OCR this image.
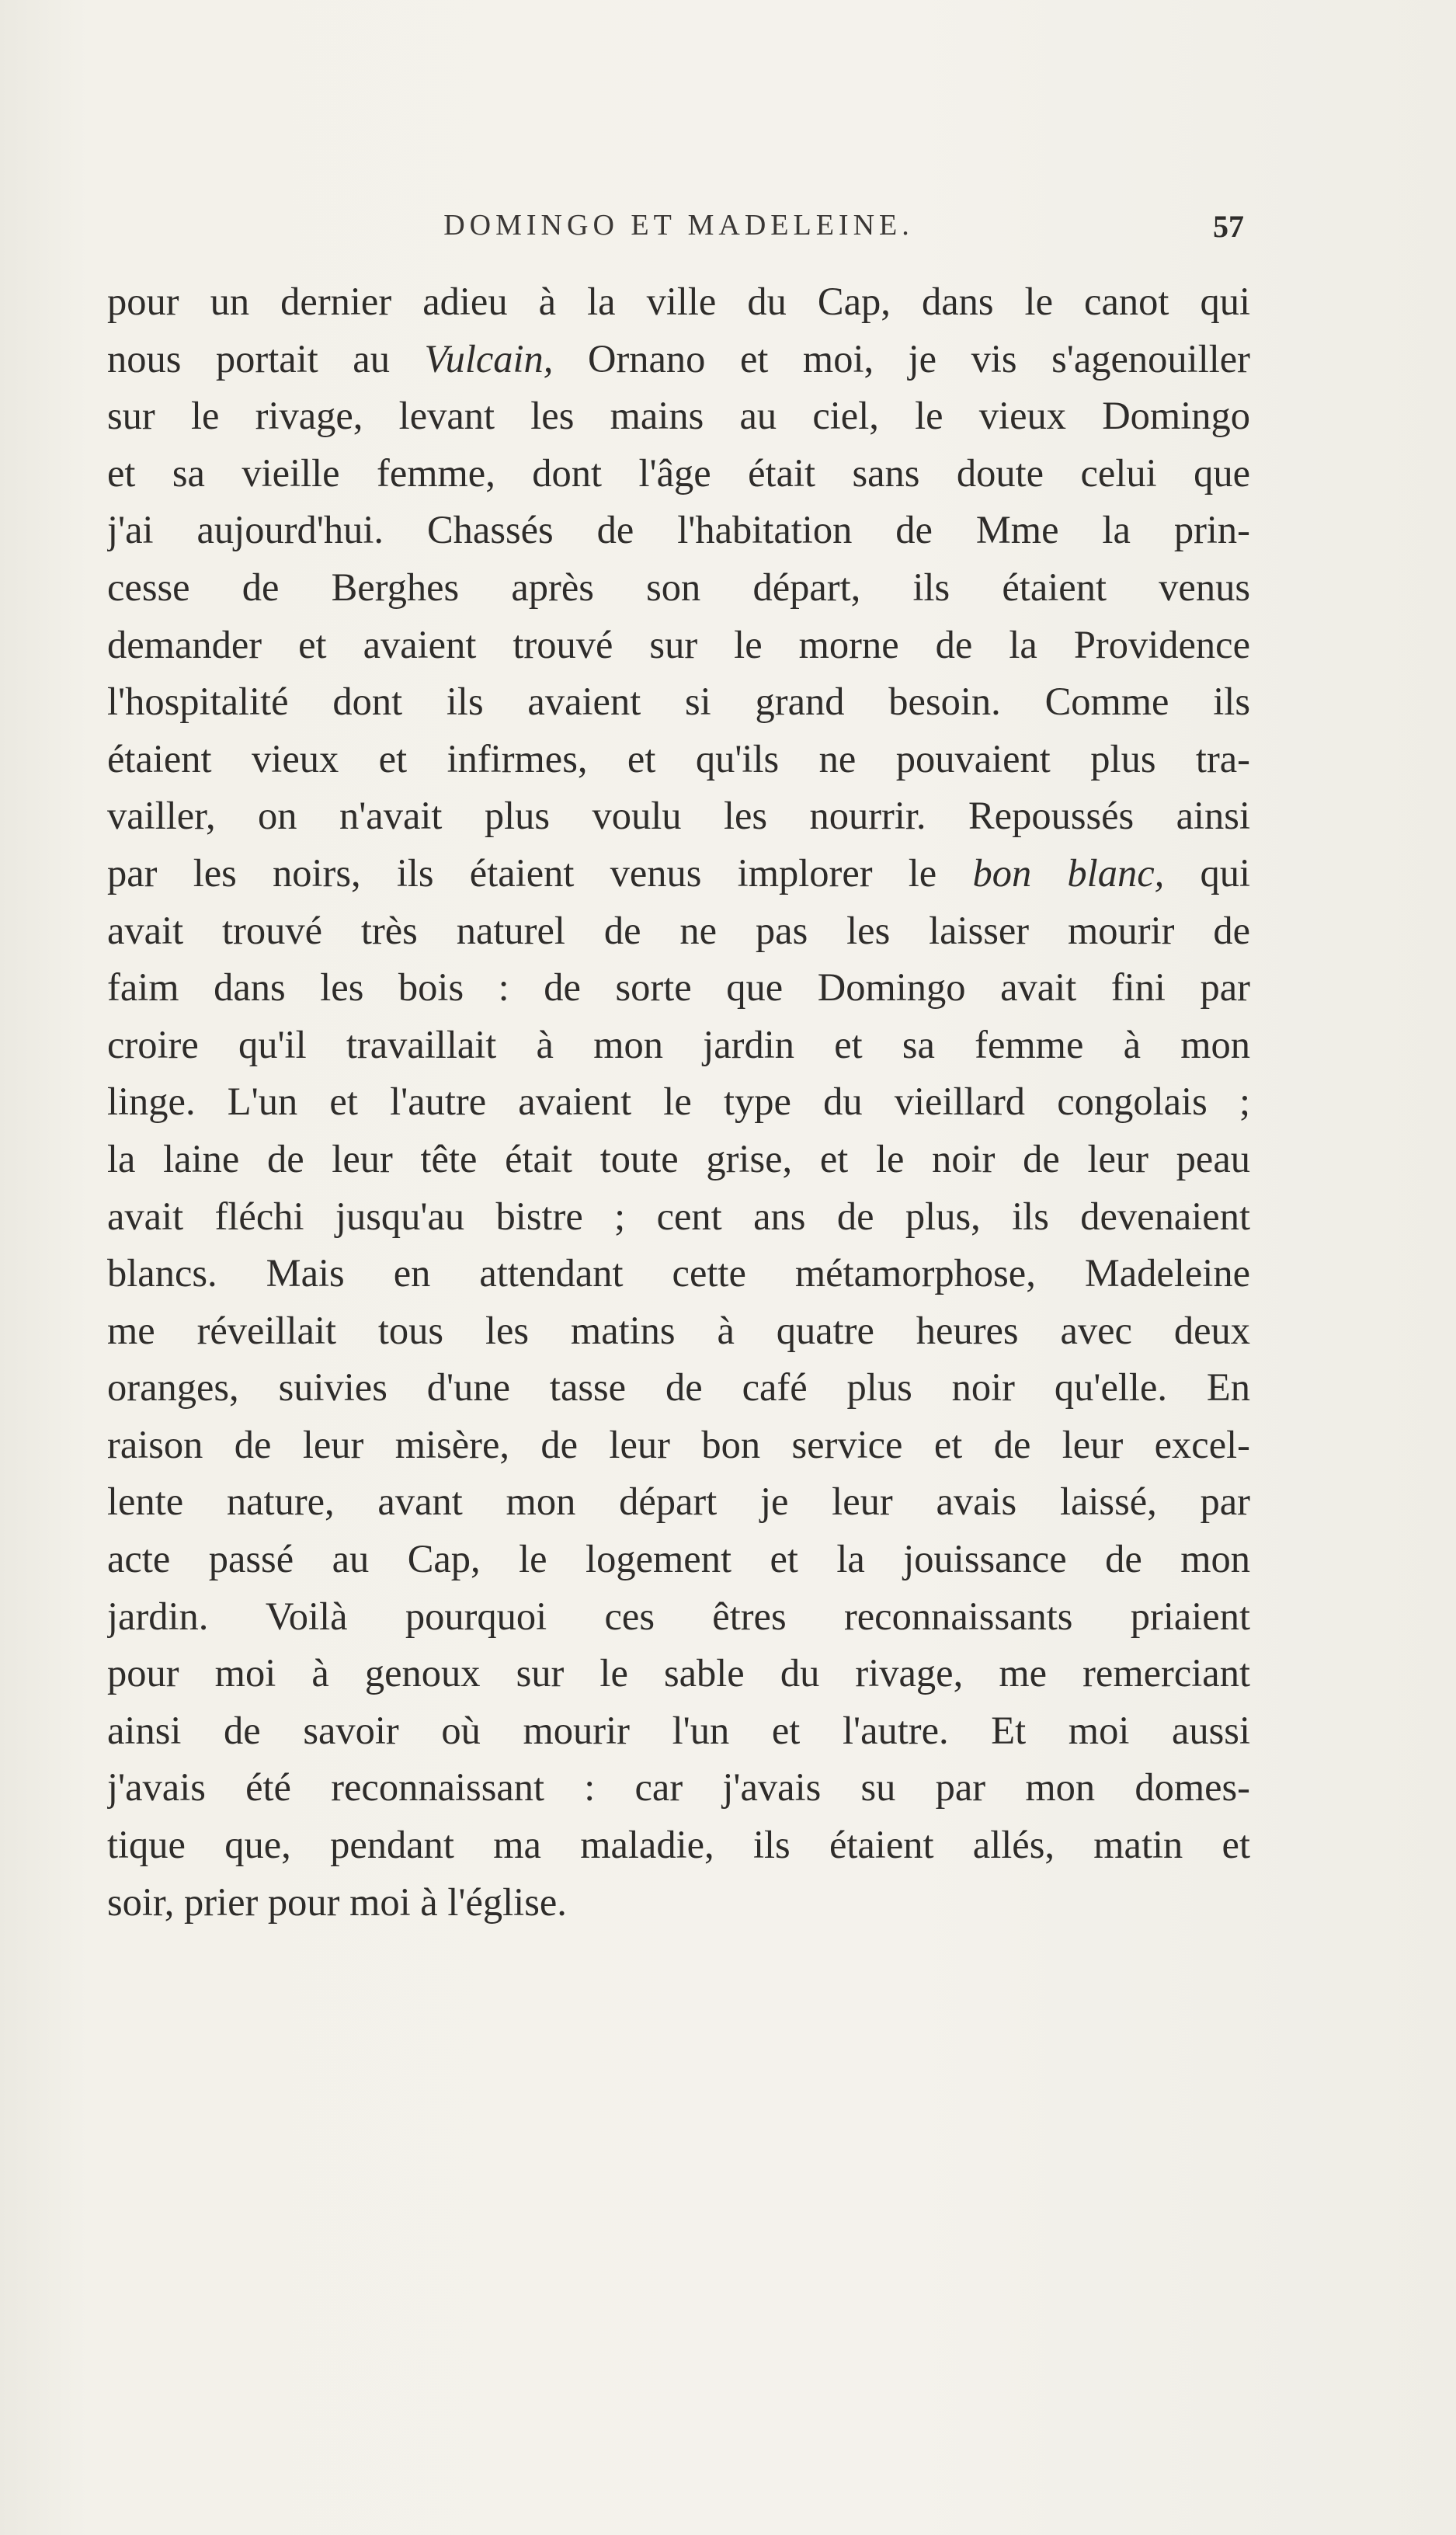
DOMINGO ET MADELEINE.	57
pour un dernier adieu à la ville du Cap, dans le canot qui
nous portait au Vulcain, Ornano et moi, je vis s'agenouiller
sur le rivage, levant les mains au ciel, le vieux Domingo
et sa vieille femme, dont l'âge était sans doute celui que
j'ai aujourd'hui. Chassés de l'habitation de Mme la prin-
cesse de Berghes après son départ, ils étaient venus
demander et avaient trouvé sur le morne de la Providence
l'hospitalité dont ils avaient si grand besoin. Comme ils
étaient vieux et infirmes, et qu'ils ne pouvaient plus tra-
vailler, on n'avait plus voulu les nourrir. Repoussés ainsi
par les noirs, ils étaient venus implorer le bon blanc, qui
avait trouvé très naturel de ne pas les laisser mourir de
faim dans les bois : de sorte que Domingo avait fini par
croire qu'il travaillait à mon jardin et sa femme à mon
linge. L'un et l'autre avaient le type du vieillard congolais ;
la laine de leur tête était toute grise, et le noir de leur peau
avait fléchi jusqu'au bistre ; cent ans de plus, ils devenaient
blancs. Mais en attendant cette métamorphose, Madeleine
me réveillait tous les matins à quatre heures avec deux
oranges, suivies d'une tasse de café plus noir qu'elle. En
raison de leur misère, de leur bon service et de leur excel-
lente nature, avant mon départ je leur avais laissé, par
acte passé au Cap, le logement et la jouissance de mon
jardin. Voilà pourquoi ces êtres reconnaissants priaient
pour moi à genoux sur le sable du rivage, me remerciant
ainsi de savoir où mourir l'un et l'autre. Et moi aussi
j'avais été reconnaissant : car j'avais su par mon domes-
tique que, pendant ma maladie, ils étaient allés, matin et
soir, prier pour moi à l'église.
